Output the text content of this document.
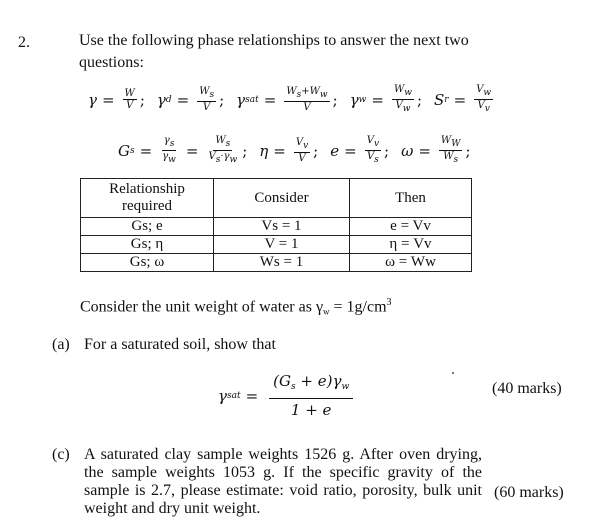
2.	Use the following phase relationships to answer the next two questions:
$\gamma = \frac{W}{V}$ ; γ $d = \frac{Ws}{V}$ ; γ sat = $\frac{Ws+Ww}{V}$ ; γ $w = \frac{Ww}{Vw}$ ; S $r = \frac{Vw}{Vv}$
G $s = \frac{\gamma s}{\gamma w} = \frac{Ws}{Vs\cdot\gamma w}$ ; $\eta = \frac{Vv}{V}$ ; $e = \frac{Vv}{Vs}$ ; $\omega = \frac{WW}{Ws}$ ;
Relationship required	Consider	Then
Gs; e	Vs = 1	e = Vv
Gs; η	V = 1	η = Vv
Gs; ω	Ws = 1	ω = Ww
Consider the unit weight of water as $\gamma_w = 1g/cm^3$
(a) For a saturated soil, show that
γ sat = $\frac{(G_s + e)\gamma_w}{1 + e}$	(40 marks)
(c) A saturated clay sample weights 1526 g. After oven drying, the sample weights 1053 g. If the specific gravity of the sample is 2.7, please estimate: void ratio, porosity, bulk unit weight and dry unit weight.
(60 marks)
